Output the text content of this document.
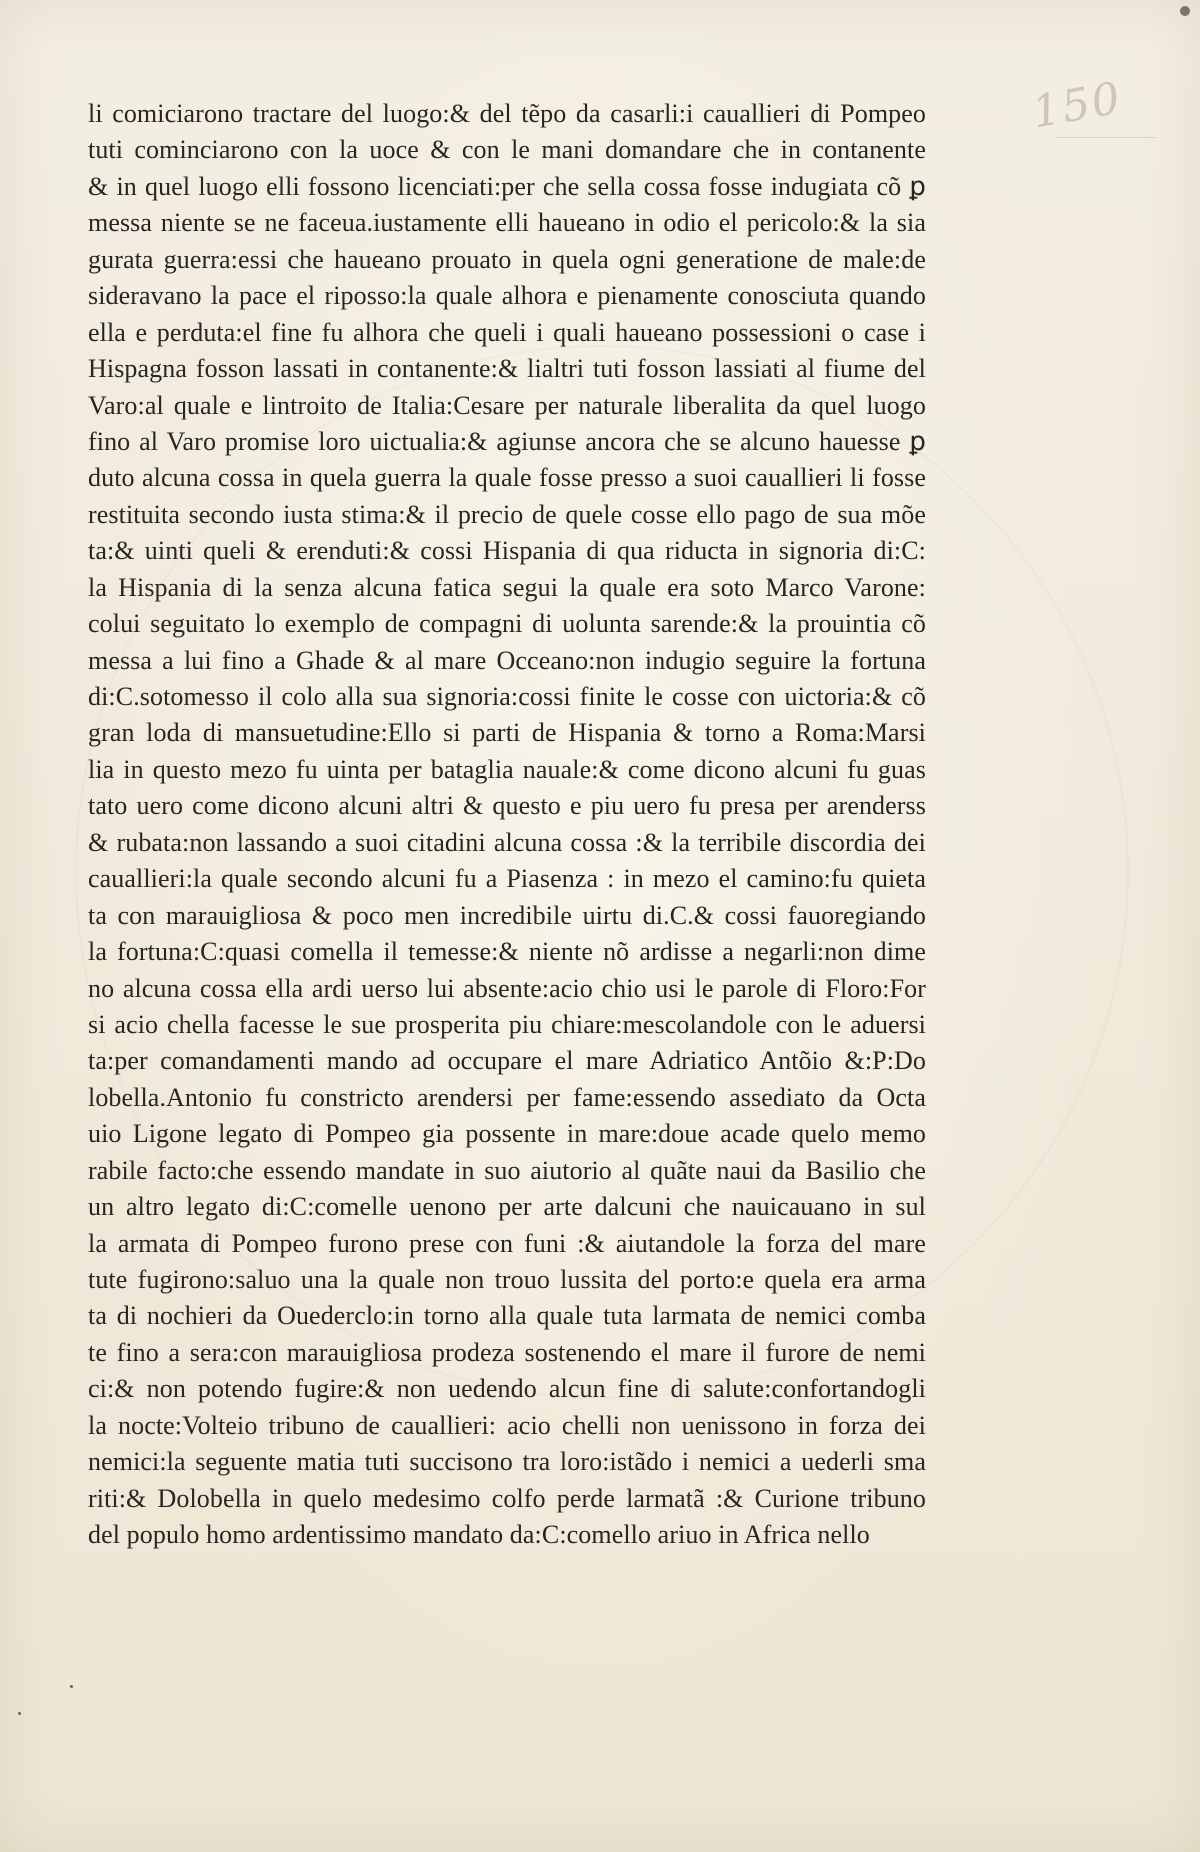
150
li comiciarono tractare del luogo:& del tẽpo da casarli:i cauallieri di Pompeo
tuti cominciarono con la uoce & con le mani domandare che in contanente
& in quel luogo elli fossono licenciati:per che sella cossa fosse indugiata cõ ꝑ
messa niente se ne faceua.iustamente elli haueano in odio el pericolo:& la sia
gurata guerra:essi che haueano prouato in quela ogni generatione de male:de
sideravano la pace el riposso:la quale alhora e pienamente conosciuta quando
ella e perduta:el fine fu alhora che queli i quali haueano possessioni o case i
Hispagna fosson lassati in contanente:& lialtri tuti fosson lassiati al fiume del
Varo:al quale e lintroito de Italia:Cesare per naturale liberalita da quel luogo
fino al Varo promise loro uictualia:& agiunse ancora che se alcuno hauesse ꝑ
duto alcuna cossa in quela guerra la quale fosse presso a suoi cauallieri li fosse
restituita secondo iusta stima:& il precio de quele cosse ello pago de sua mõe
ta:& uinti queli & erenduti:& cossi Hispania di qua riducta in signoria di:C:
la Hispania di la senza alcuna fatica segui la quale era soto Marco Varone:
colui seguitato lo exemplo de compagni di uolunta sarende:& la prouintia cõ
messa a lui fino a Ghade & al mare Occeano:non indugio seguire la fortuna
di:C.sotomesso il colo alla sua signoria:cossi finite le cosse con uictoria:& cõ
gran loda di mansuetudine:Ello si parti de Hispania & torno a Roma:Marsi
lia in questo mezo fu uinta per bataglia nauale:& come dicono alcuni fu guas
tato uero come dicono alcuni altri & questo e piu uero fu presa per arenderss
& rubata:non lassando a suoi citadini alcuna cossa :& la terribile discordia dei
cauallieri:la quale secondo alcuni fu a Piasenza : in mezo el camino:fu quieta
ta con marauigliosa & poco men incredibile uirtu di.C.& cossi fauoregiando
la fortuna:C:quasi comella il temesse:& niente nõ ardisse a negarli:non dime
no alcuna cossa ella ardi uerso lui absente:acio chio usi le parole di Floro:For
si acio chella facesse le sue prosperita piu chiare:mescolandole con le aduersi
ta:per comandamenti mando ad occupare el mare Adriatico Antõio &:P:Do
lobella.Antonio fu constricto arendersi per fame:essendo assediato da Octa
uio Ligone legato di Pompeo gia possente in mare:doue acade quelo memo
rabile facto:che essendo mandate in suo aiutorio al quãte naui da Basilio che
un altro legato di:C:comelle uenono per arte dalcuni che nauicauano in sul
la armata di Pompeo furono prese con funi :& aiutandole la forza del mare
tute fugirono:saluo una la quale non trouo lussita del porto:e quela era arma
ta di nochieri da Ouederclo:in torno alla quale tuta larmata de nemici comba
te fino a sera:con marauigliosa prodeza sostenendo el mare il furore de nemi
ci:& non potendo fugire:& non uedendo alcun fine di salute:confortandogli
la nocte:Volteio tribuno de cauallieri: acio chelli non uenissono in forza dei
nemici:la seguente matia tuti succisono tra loro:istãdo i nemici a uederli sma
riti:& Dolobella in quelo medesimo colfo perde larmatã :& Curione tribuno
del populo homo ardentissimo mandato da:C:comello ariuo in Africa nello
